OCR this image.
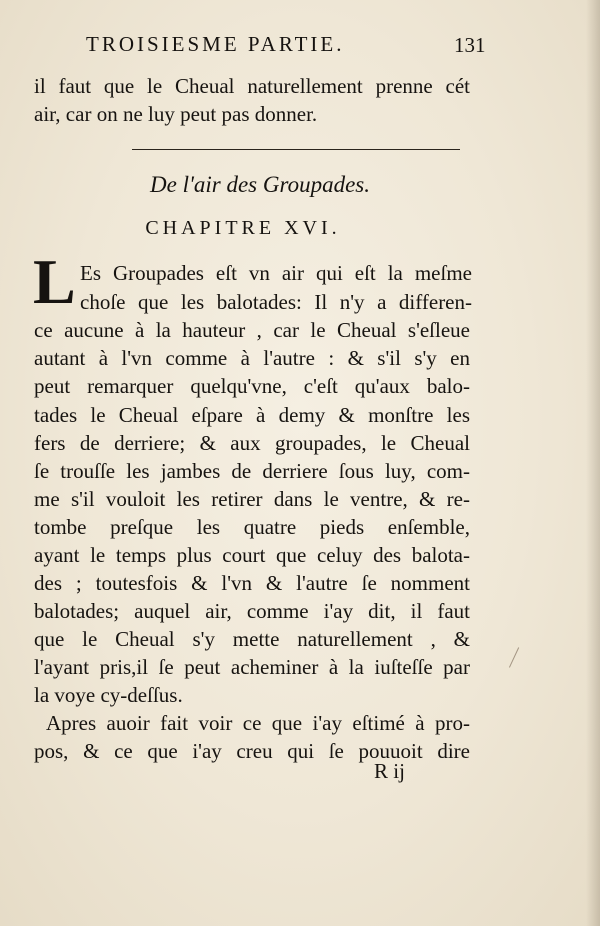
TROISIESME PARTIE.	131
il faut que le Cheual naturellement prenne cét
air, car on ne luy peut pas donner.
De l'air des Groupades.
CHAPITRE XVI.
L Es Groupades eſt vn air qui eſt la meſme
choſe que les balotades: Il n'y a differen-
ce aucune à la hauteur , car le Cheual s'eſleue
autant à l'vn comme à l'autre : & s'il s'y en
peut remarquer quelqu'vne, c'eſt qu'aux balo-
tades le Cheual eſpare à demy & monſtre les
fers de derriere; & aux groupades, le Cheual
ſe trouſſe les jambes de derriere ſous luy, com-
me s'il vouloit les retirer dans le ventre, & re-
tombe preſque les quatre pieds enſemble,
ayant le temps plus court que celuy des balota-
des ; toutesfois & l'vn & l'autre ſe nomment
balotades; auquel air, comme i'ay dit, il faut
que le Cheual s'y mette naturellement , &
l'ayant pris,il ſe peut acheminer à la iuſteſſe par
la voye cy-deſſus.
Apres auoir fait voir ce que i'ay eſtimé à pro-
pos, & ce que i'ay creu qui ſe pouuoit dire
R ij
